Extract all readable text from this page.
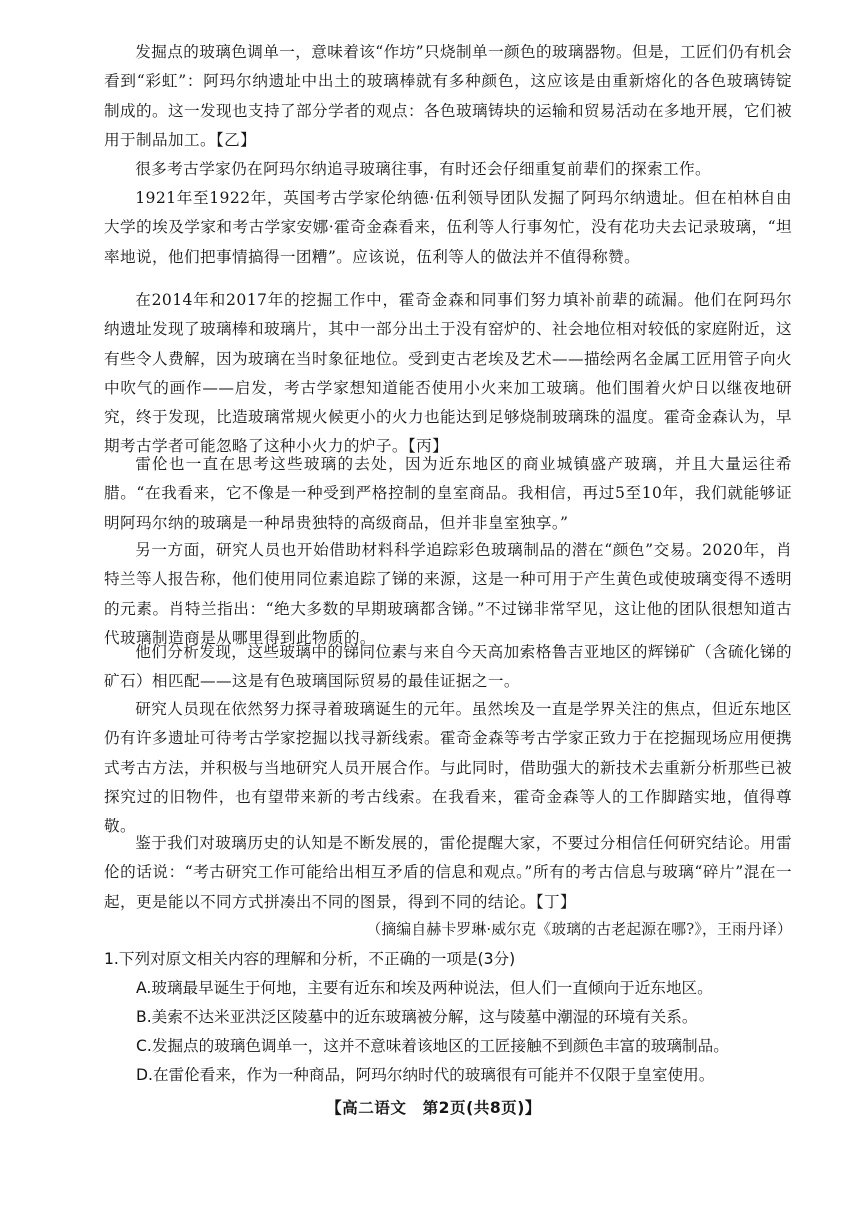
发掘点的玻璃色调单一，意味着该“作坊”只烧制单一颜色的玻璃器物。但是，工匠们仍有机会看到“彩虹”：阿玛尔纳遗址中出土的玻璃棒就有多种颜色，这应该是由重新熔化的各色玻璃铸锭制成的。这一发现也支持了部分学者的观点：各色玻璃铸块的运输和贸易活动在多地开展，它们被用于制品加工。【乙】

很多考古学家仍在阿玛尔纳追寻玻璃往事，有时还会仔细重复前辈们的探索工作。

1921年至1922年，英国考古学家伦纳德·伍利领导团队发掘了阿玛尔纳遗址。但在柏林自由大学的埃及学家和考古学家安娜·霍奇金森看来，伍利等人行事匆忙，没有花功夫去记录玻璃，“坦率地说，他们把事情搞得一团糟”。应该说，伍利等人的做法并不值得称赞。

在2014年和2017年的挖掘工作中，霍奇金森和同事们努力填补前辈的疏漏。他们在阿玛尔纳遗址发现了玻璃棒和玻璃片，其中一部分出土于没有窑炉的、社会地位相对较低的家庭附近，这有些令人费解，因为玻璃在当时象征地位。受到吏古老埃及艺术——描绘两名金属工匠用管子向火中吹气的画作——启发，考古学家想知道能否使用小火来加工玻璃。他们围着火炉日以继夜地研究，终于发现，比造玻璃常规火候更小的火力也能达到足够烧制玻璃珠的温度。霍奇金森认为，早期考古学者可能忽略了这种小火力的炉子。【丙】

雷伦也一直在思考这些玻璃的去处，因为近东地区的商业城镇盛产玻璃，并且大量运往希腊。“在我看来，它不像是一种受到严格控制的皇室商品。我相信，再过5至10年，我们就能够证明阿玛尔纳的玻璃是一种昂贵独特的高级商品，但并非皇室独享。”

另一方面，研究人员也开始借助材料科学追踪彩色玻璃制品的潜在“颜色”交易。2020年，肖特兰等人报告称，他们使用同位素追踪了锑的来源，这是一种可用于产生黄色或使玻璃变得不透明的元素。肖特兰指出：“绝大多数的早期玻璃都含锑。”不过锑非常罕见，这让他的团队很想知道古代玻璃制造商是从哪里得到此物质的。

他们分析发现，这些玻璃中的锑同位素与来自今天高加索格鲁吉亚地区的辉锑矿（含硫化锑的矿石）相匹配——这是有色玻璃国际贸易的最佳证据之一。

研究人员现在依然努力探寻着玻璃诞生的元年。虽然埃及一直是学界关注的焦点，但近东地区仍有许多遗址可待考古学家挖掘以找寻新线索。霍奇金森等考古学家正致力于在挖掘现场应用便携式考古方法，并积极与当地研究人员开展合作。与此同时，借助强大的新技术去重新分析那些已被探究过的旧物件，也有望带来新的考古线索。在我看来，霍奇金森等人的工作脚踏实地，值得尊敬。

鉴于我们对玻璃历史的认知是不断发展的，雷伦提醒大家，不要过分相信任何研究结论。用雷伦的话说：“考古研究工作可能给出相互矛盾的信息和观点。”所有的考古信息与玻璃“碎片”混在一起，更是能以不同方式拼凑出不同的图景，得到不同的结论。【丁】

（摘编自赫卡罗琳·威尔克《玻璃的古老起源在哪?》，王雨丹译）

1.下列对原文相关内容的理解和分析，不正确的一项是(3分)

A.玻璃最早诞生于何地，主要有近东和埃及两种说法，但人们一直倾向于近东地区。

B.美索不达米亚洪泛区陵墓中的近东玻璃被分解，这与陵墓中潮湿的环境有关系。

C.发掘点的玻璃色调单一，这并不意味着该地区的工匠接触不到颜色丰富的玻璃制品。

D.在雷伦看来，作为一种商品，阿玛尔纳时代的玻璃很有可能并不仅限于皇室使用。

【高二语文　第2页(共8页)】
